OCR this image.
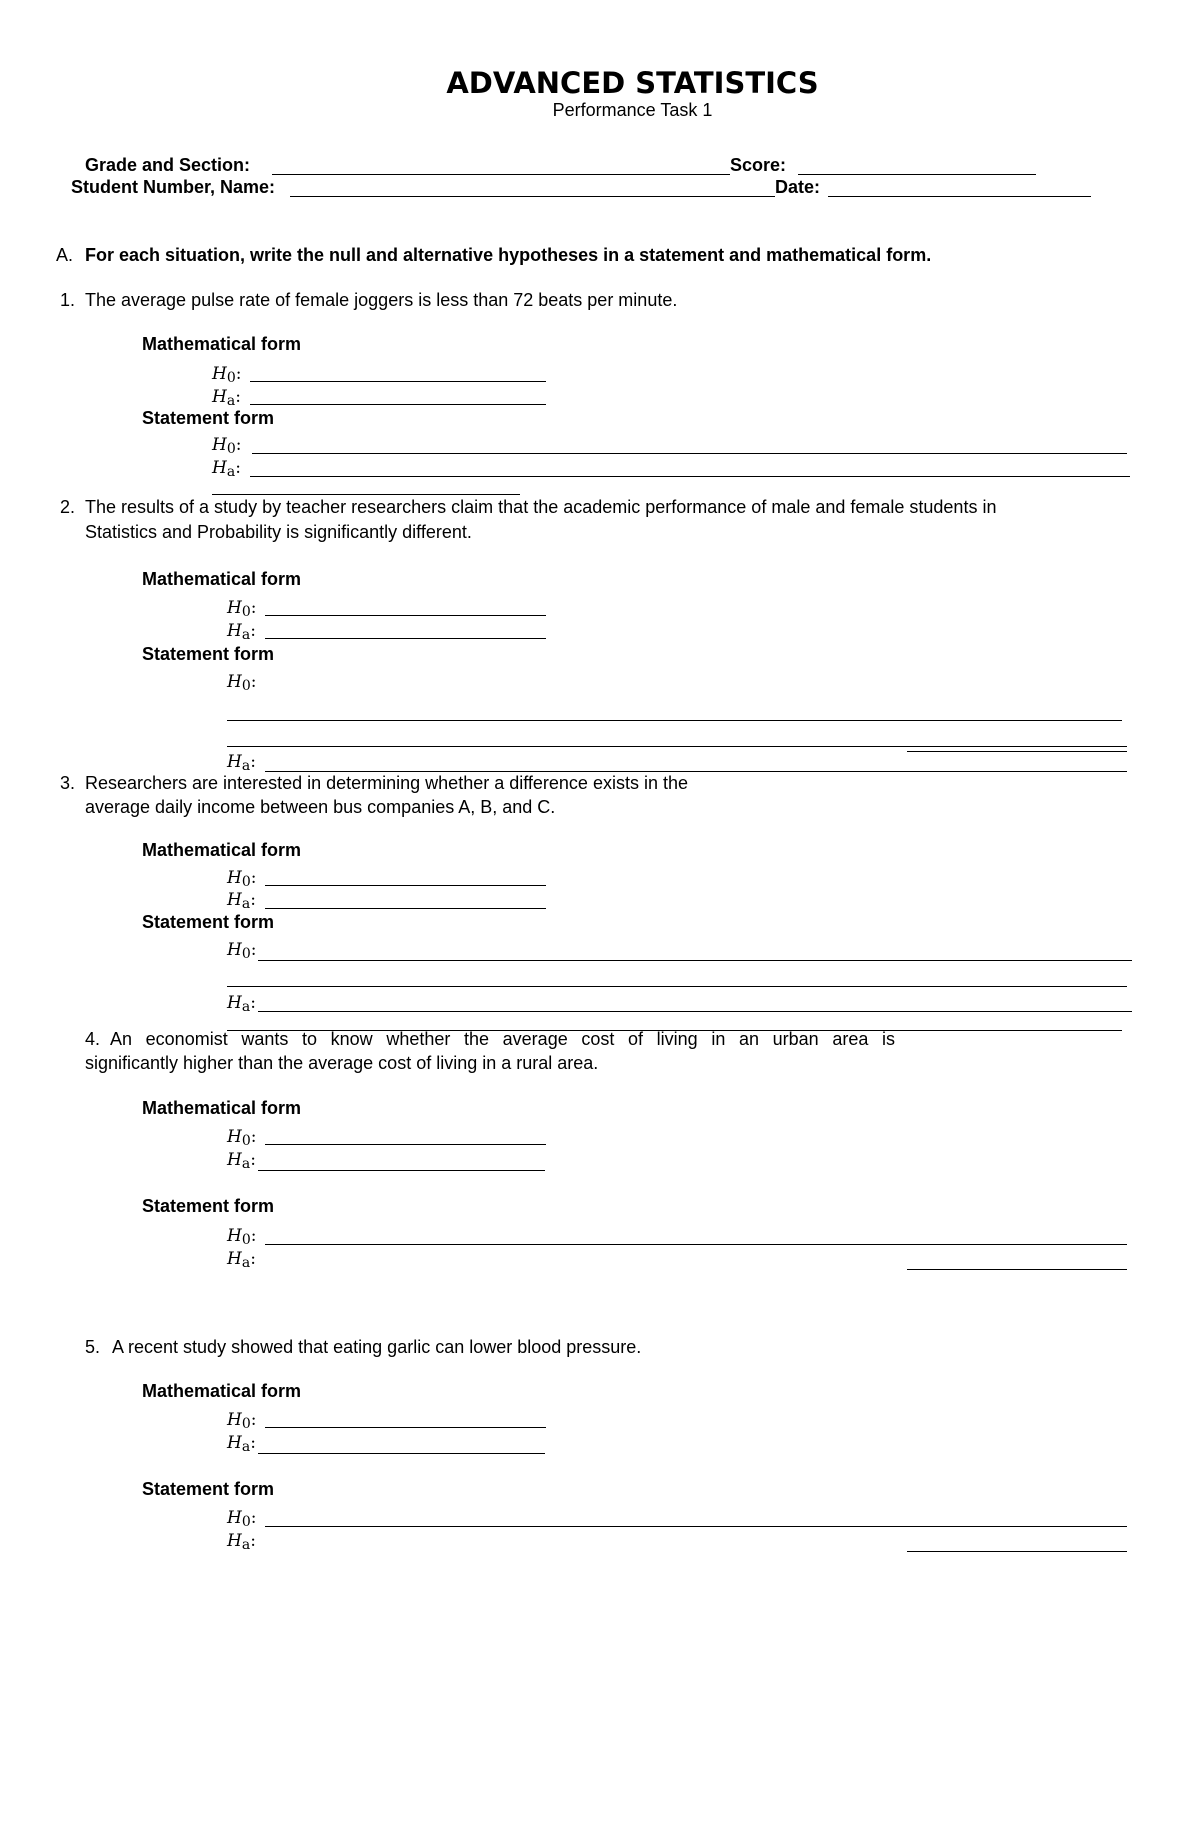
ADVANCED STATISTICS
Performance Task 1
Grade and Section:	Score:
Student Number, Name:	Date:
A. For each situation, write the null and alternative hypotheses in a statement and mathematical form.
1. The average pulse rate of female joggers is less than 72 beats per minute.
Mathematical form
$H_0$:
$H_a$:
Statement form
$H_0$:
$H_a$:
2. The results of a study by teacher researchers claim that the academic performance of male and female students in
Statistics and Probability is significantly different.
Mathematical form
$H_0$:
$H_a$:
Statement form
$H_0$:
$H_a$:
3. Researchers are interested in determining whether a difference exists in the
average daily income between bus companies A, B, and C.
Mathematical form
$H_0$:
$H_a$:
Statement form
$H_0$:
$H_a$:
4. An economist wants to know whether the average cost of living in an urban area is
significantly higher than the average cost of living in a rural area.
Mathematical form
$H_0$:
$H_a$:
Statement form
$H_0$:
$H_a$:
5. A recent study showed that eating garlic can lower blood pressure.
Mathematical form
$H_0$:
$H_a$:
Statement form
$H_0$:
$H_a$:
